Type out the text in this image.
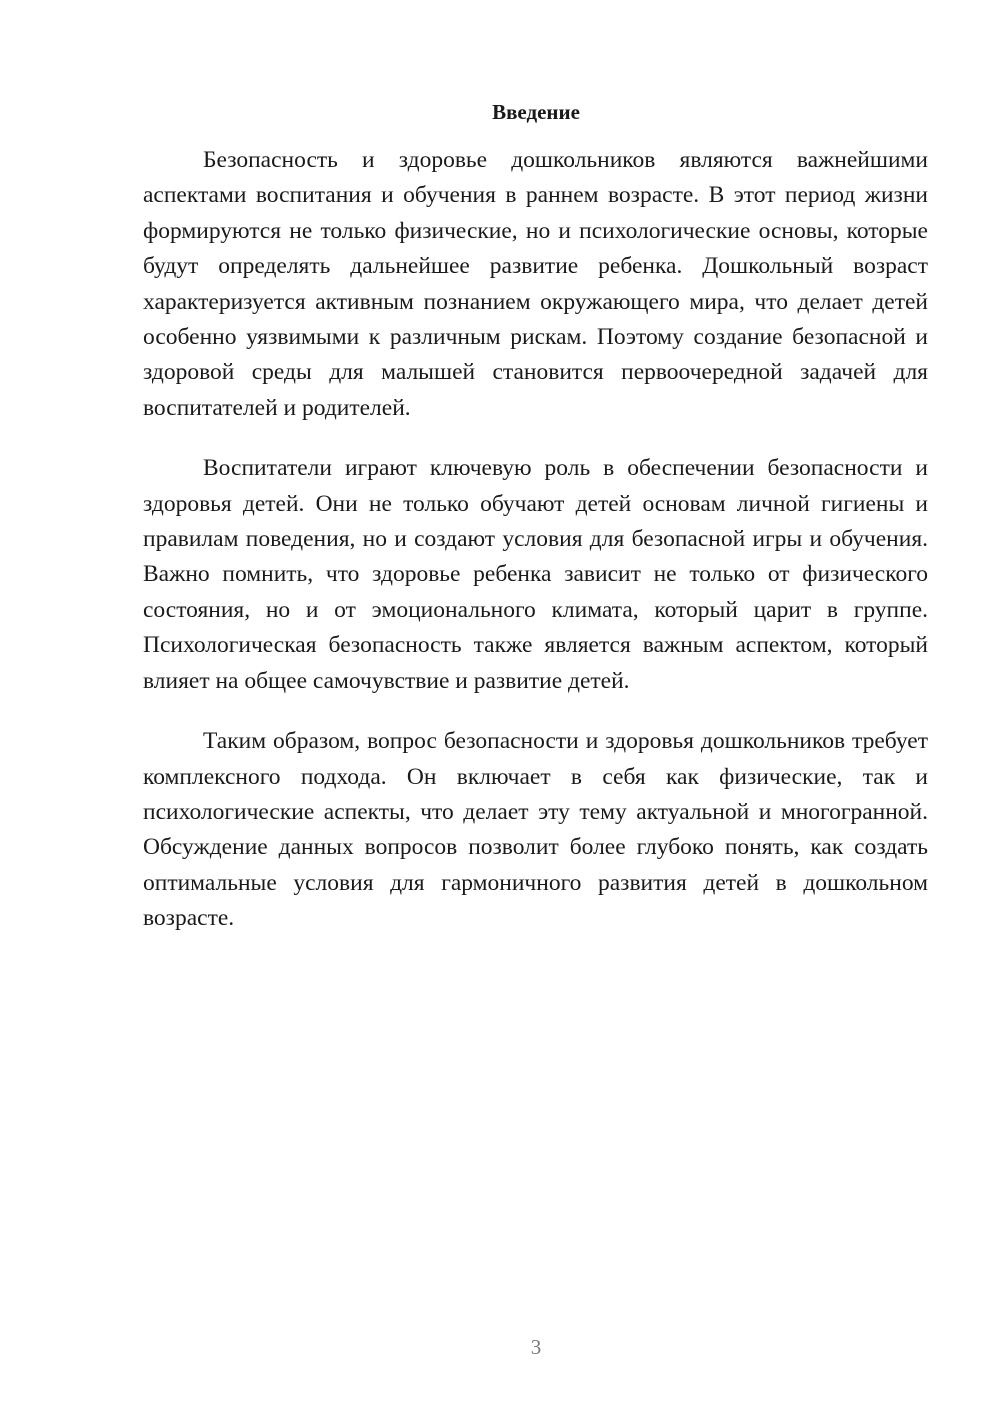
Введение

Безопасность и здоровье дошкольников являются важнейшими аспектами воспитания и обучения в раннем возрасте. В этот период жизни формируются не только физические, но и психологические основы, которые будут определять дальнейшее развитие ребенка. Дошкольный возраст характеризуется активным познанием окружающего мира, что делает детей особенно уязвимыми к различным рискам. Поэтому создание безопасной и здоровой среды для малышей становится первоочередной задачей для воспитателей и родителей.

Воспитатели играют ключевую роль в обеспечении безопасности и здоровья детей. Они не только обучают детей основам личной гигиены и правилам поведения, но и создают условия для безопасной игры и обучения. Важно помнить, что здоровье ребенка зависит не только от физического состояния, но и от эмоционального климата, который царит в группе. Психологическая безопасность также является важным аспектом, который влияет на общее самочувствие и развитие детей.

Таким образом, вопрос безопасности и здоровья дошкольников требует комплексного подхода. Он включает в себя как физические, так и психологические аспекты, что делает эту тему актуальной и многогранной. Обсуждение данных вопросов позволит более глубоко понять, как создать оптимальные условия для гармоничного развития детей в дошкольном возрасте.

3
